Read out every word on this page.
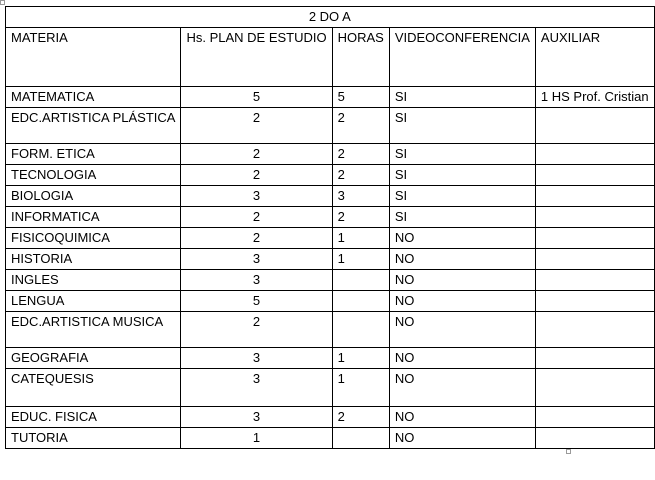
2 DO A				
MATERIA	Hs. PLAN DE ESTUDIO	HORAS	VIDEOCONFERENCIA	AUXILIAR
MATEMATICA	5	5	SI	1 HS Prof. Cristian
EDC.ARTISTICA PLÁSTICA	2	2	SI	
FORM. ETICA	2	2	SI	
TECNOLOGIA	2	2	SI	
BIOLOGIA	3	3	SI	
INFORMATICA	2	2	SI	
FISICOQUIMICA	2	1	NO	
HISTORIA	3	1	NO	
INGLES	3		NO	
LENGUA	5		NO	
EDC.ARTISTICA MUSICA	2		NO	
GEOGRAFIA	3	1	NO	
CATEQUESIS	3	1	NO	
EDUC. FISICA	3	2	NO	
TUTORIA	1		NO	
